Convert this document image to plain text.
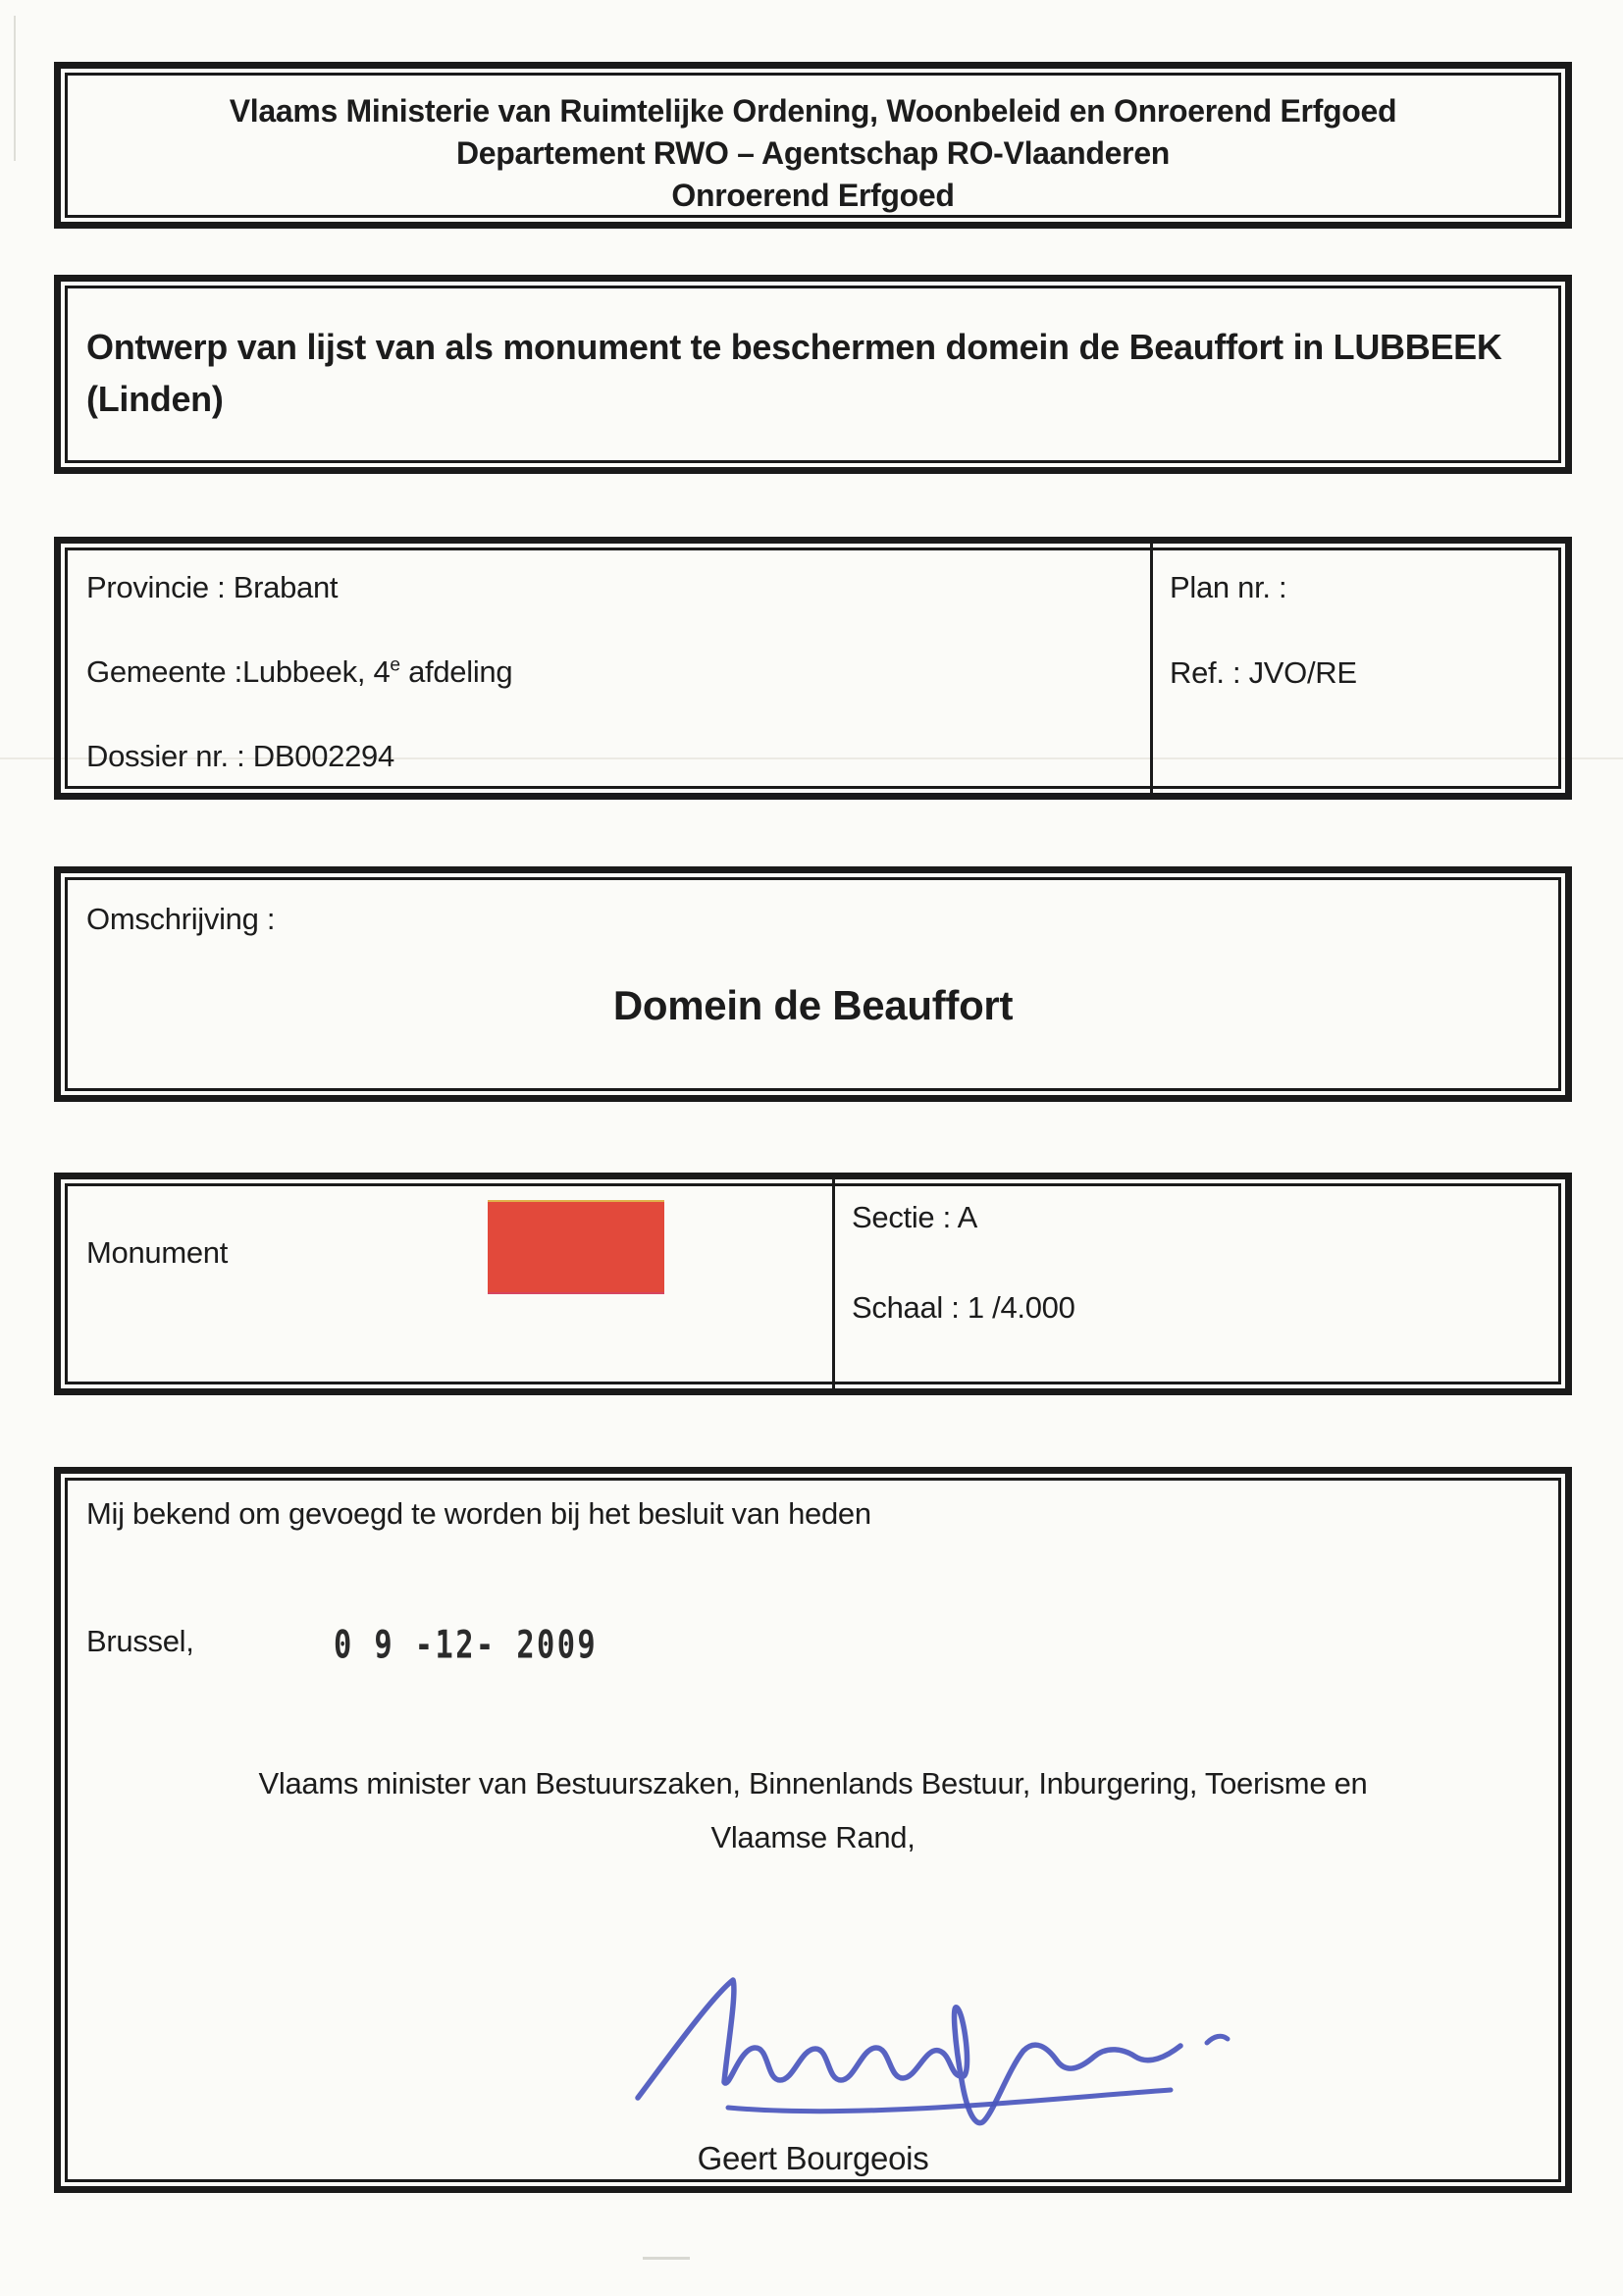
Vlaams Ministerie van Ruimtelijke Ordening, Woonbeleid en Onroerend Erfgoed
Departement RWO – Agentschap RO-Vlaanderen
Onroerend Erfgoed
Ontwerp van lijst van als monument te beschermen domein de Beauffort in LUBBEEK (Linden)
Provincie : Brabant
Gemeente :Lubbeek, 4e afdeling
Dossier nr. : DB002294
Plan nr. :
Ref. : JVO/RE
Omschrijving :
Domein de Beauffort
Monument
Sectie : A
Schaal : 1 /4.000
Mij bekend om gevoegd te worden bij het besluit van heden
Brussel,	0 9 -12- 2009
Vlaams minister van Bestuurszaken, Binnenlands Bestuur, Inburgering, Toerisme en
Vlaamse Rand,
Geert Bourgeois
